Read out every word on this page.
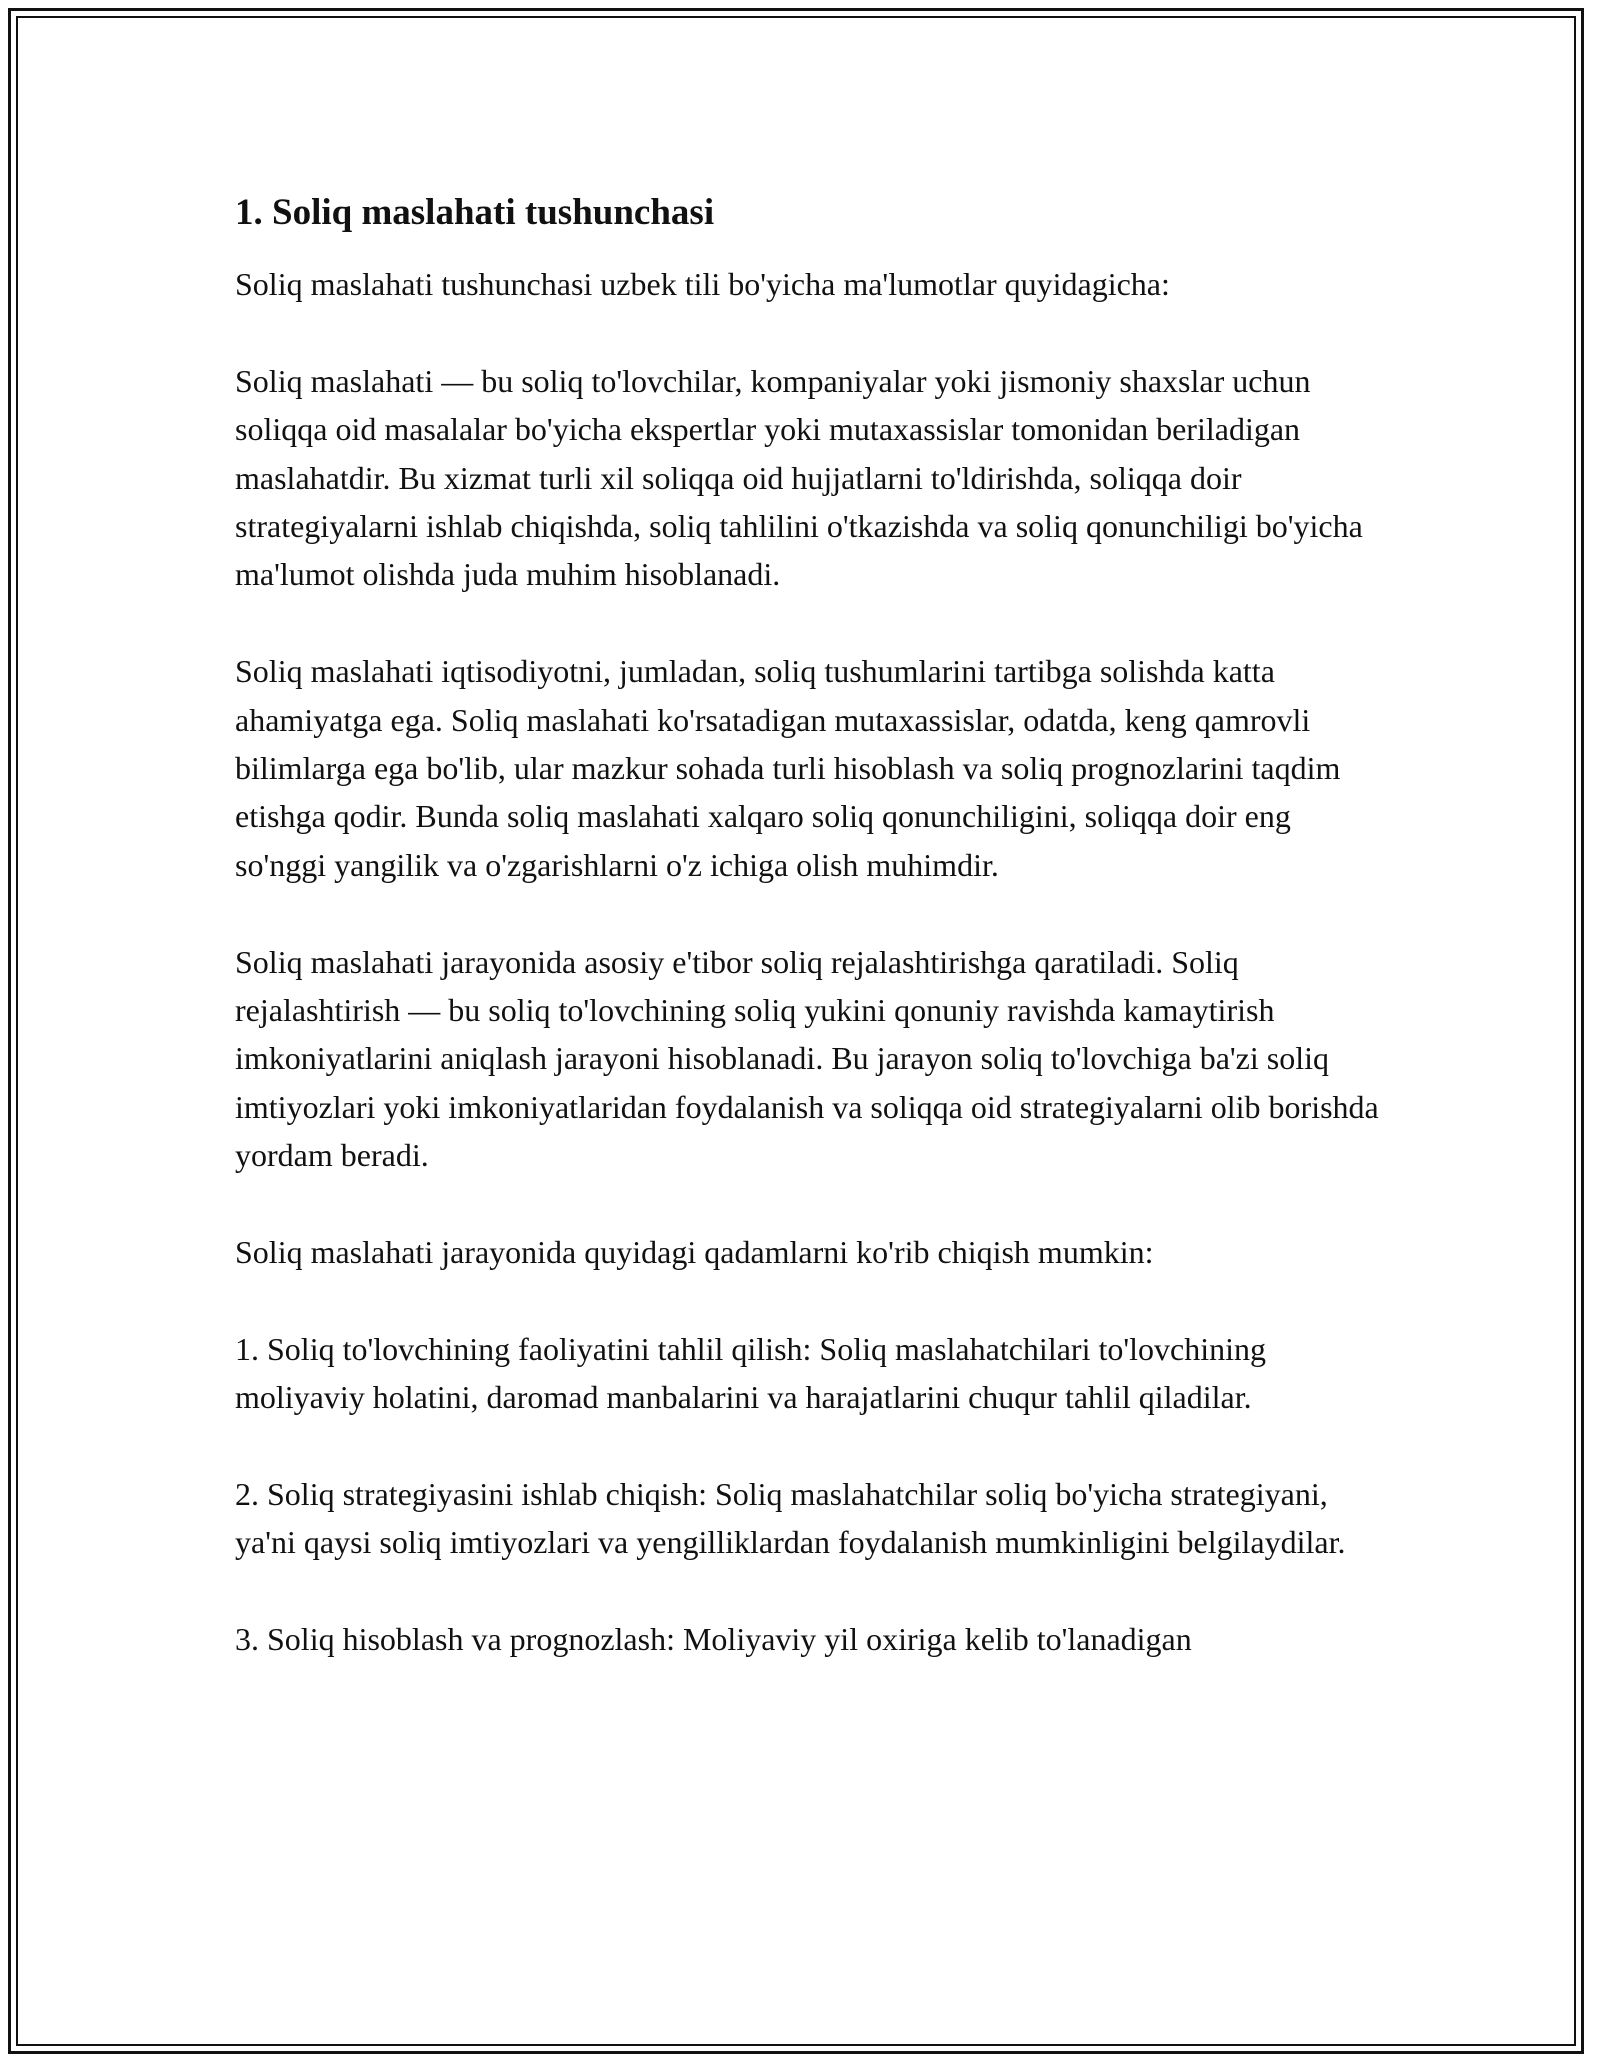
1. Soliq maslahati tushunchasi

Soliq maslahati tushunchasi uzbek tili bo'yicha ma'lumotlar quyidagicha:

Soliq maslahati — bu soliq to'lovchilar, kompaniyalar yoki jismoniy shaxslar uchun soliqqa oid masalalar bo'yicha ekspertlar yoki mutaxassislar tomonidan beriladigan maslahatdir. Bu xizmat turli xil soliqqa oid hujjatlarni to'ldirishda, soliqqa doir strategiyalarni ishlab chiqishda, soliq tahlilini o'tkazishda va soliq qonunchiligi bo'yicha ma'lumot olishda juda muhim hisoblanadi.

Soliq maslahati iqtisodiyotni, jumladan, soliq tushumlarini tartibga solishda katta ahamiyatga ega. Soliq maslahati ko'rsatadigan mutaxassislar, odatda, keng qamrovli bilimlarga ega bo'lib, ular mazkur sohada turli hisoblash va soliq prognozlarini taqdim etishga qodir. Bunda soliq maslahati xalqaro soliq qonunchiligini, soliqqa doir eng so'nggi yangilik va o'zgarishlarni o'z ichiga olish muhimdir.

Soliq maslahati jarayonida asosiy e'tibor soliq rejalashtirishga qaratiladi. Soliq rejalashtirish — bu soliq to'lovchining soliq yukini qonuniy ravishda kamaytirish imkoniyatlarini aniqlash jarayoni hisoblanadi. Bu jarayon soliq to'lovchiga ba'zi soliq imtiyozlari yoki imkoniyatlaridan foydalanish va soliqqa oid strategiyalarni olib borishda yordam beradi.

Soliq maslahati jarayonida quyidagi qadamlarni ko'rib chiqish mumkin:

1. Soliq to'lovchining faoliyatini tahlil qilish: Soliq maslahatchilari to'lovchining moliyaviy holatini, daromad manbalarini va harajatlarini chuqur tahlil qiladilar.

2. Soliq strategiyasini ishlab chiqish: Soliq maslahatchilar soliq bo'yicha strategiyani, ya'ni qaysi soliq imtiyozlari va yengilliklardan foydalanish mumkinligini belgilaydilar.

3. Soliq hisoblash va prognozlash: Moliyaviy yil oxiriga kelib to'lanadigan
